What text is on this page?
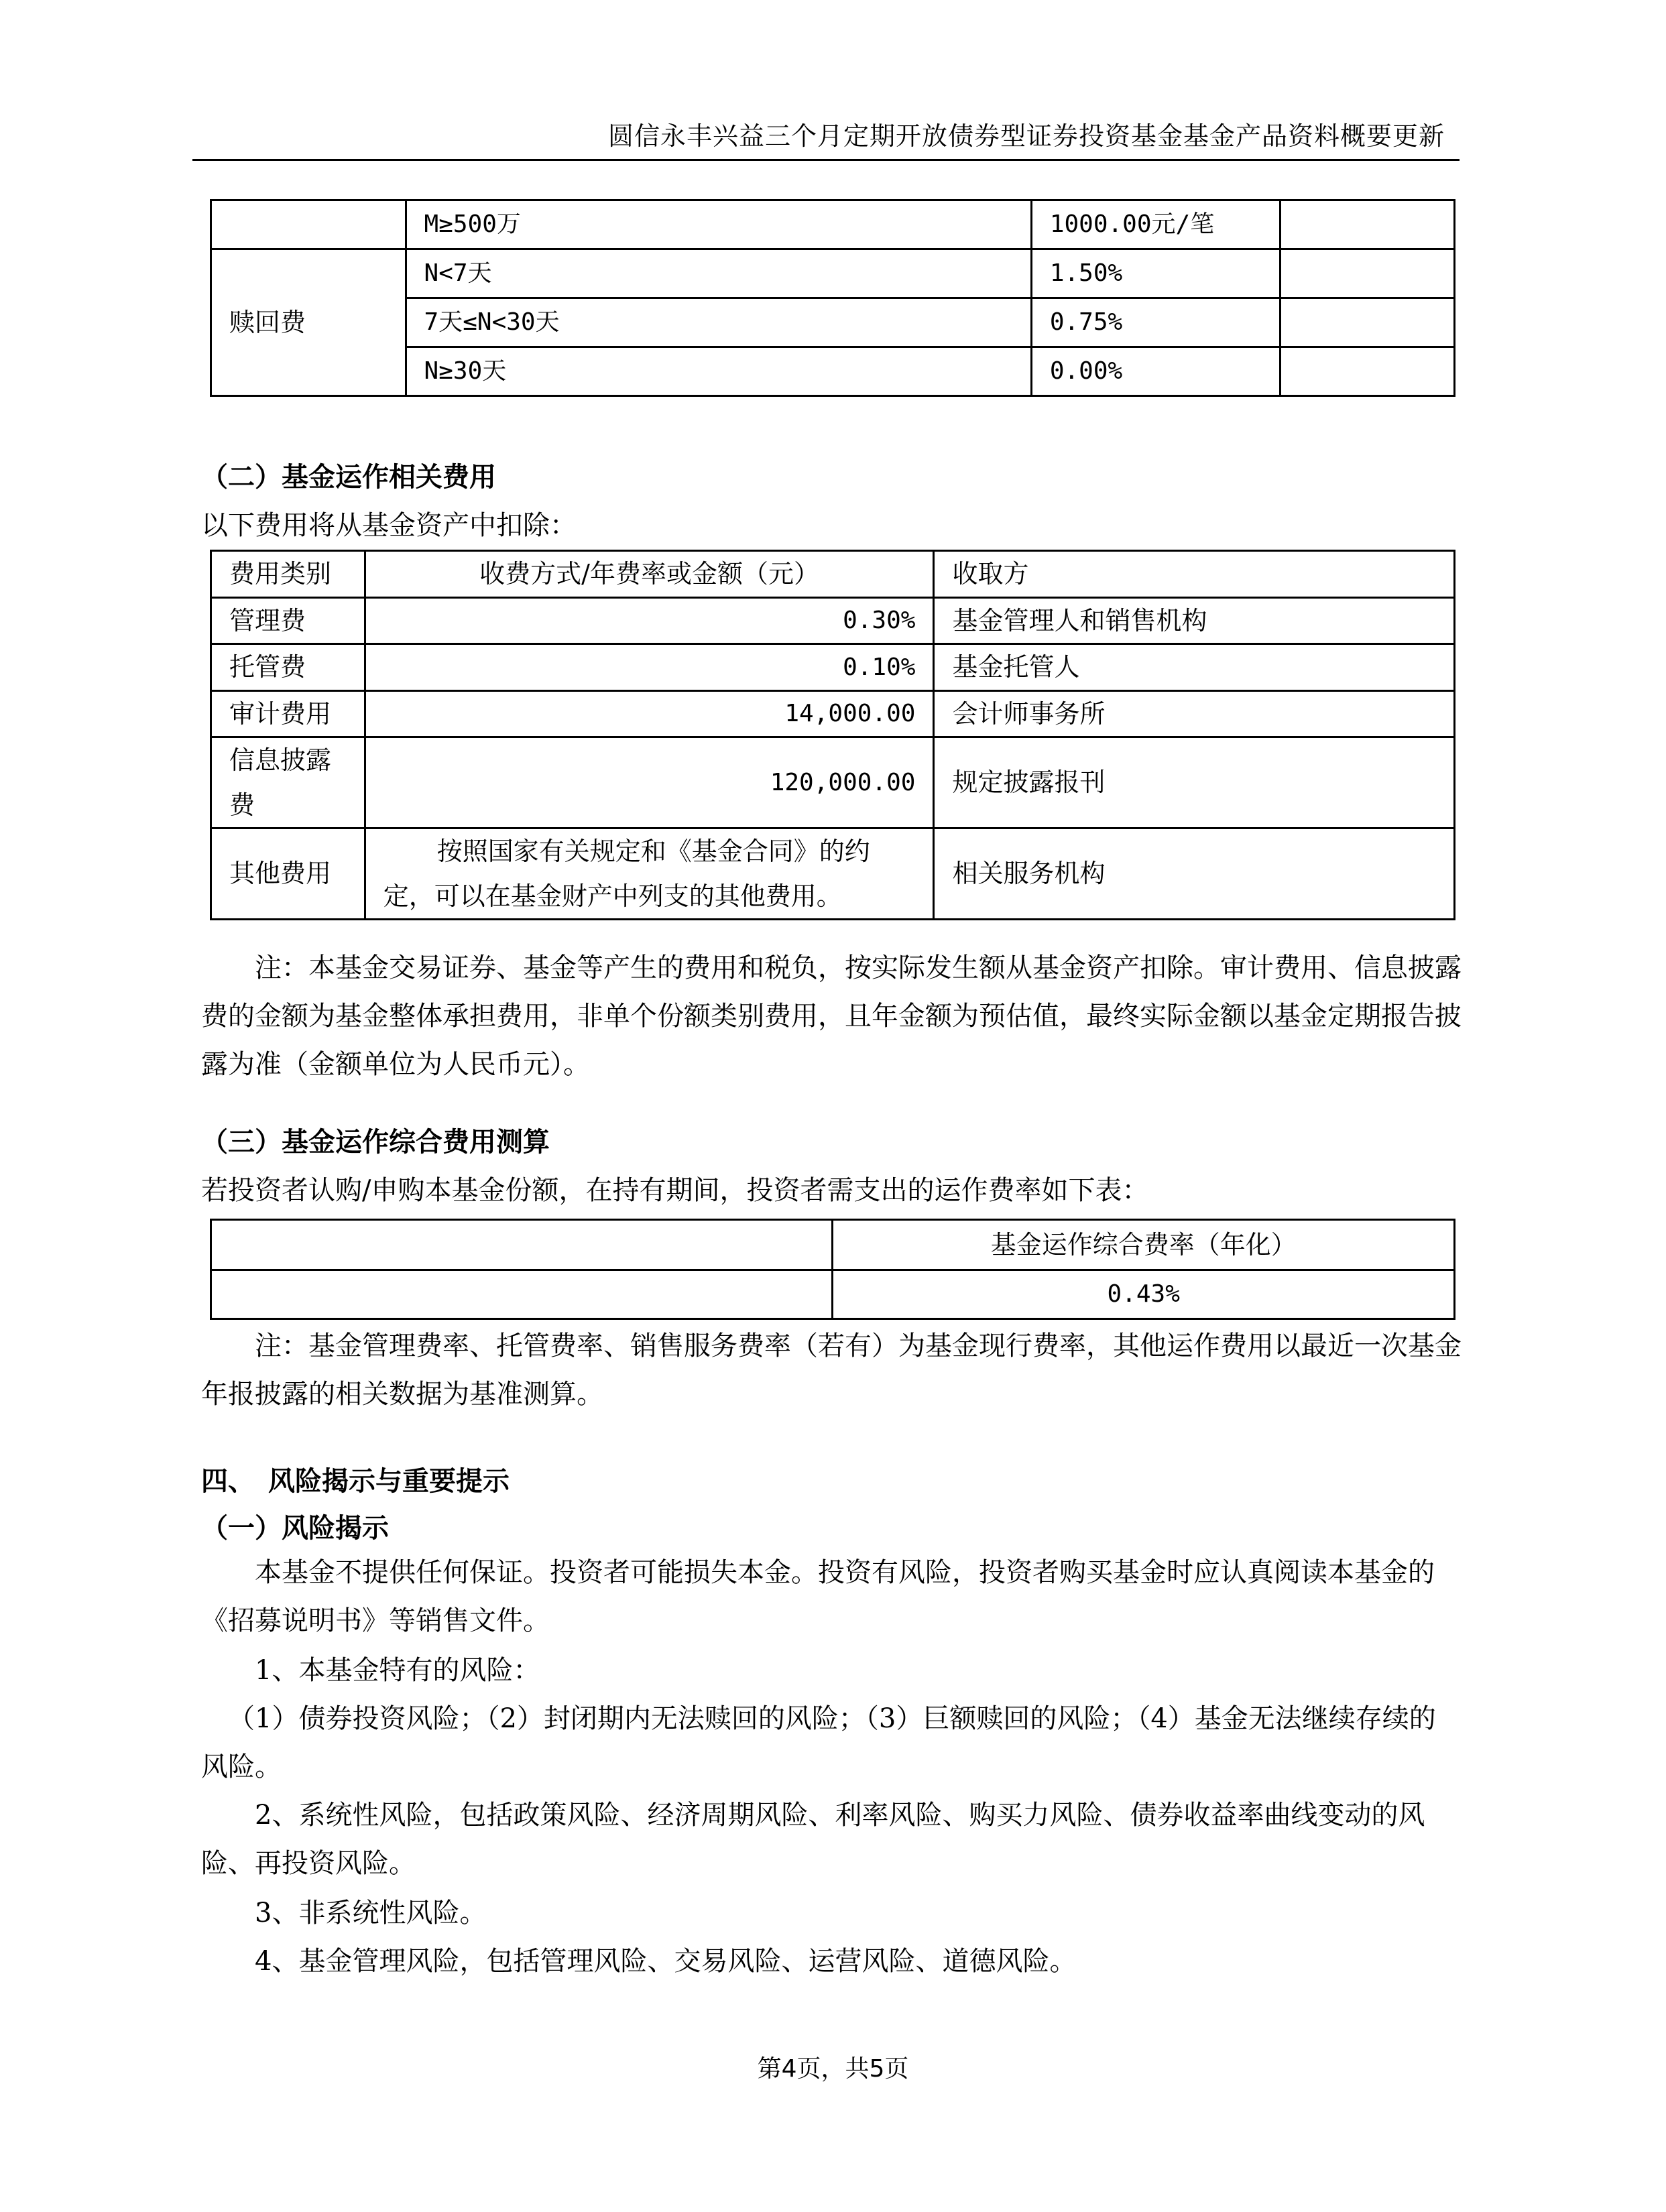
圆信永丰兴益三个月定期开放债券型证券投资基金基金产品资料概要更新
	M≥500万	1000.00元/笔	
赎回费	N<7天	1.50%	
	7天≤N<30天	0.75%	
	N≥30天	0.00%	
（二）基金运作相关费用
以下费用将从基金资产中扣除：
费用类别	收费方式/年费率或金额（元）	收取方
管理费	0.30%	基金管理人和销售机构
托管费	0.10%	基金托管人
审计费用	14,000.00	会计师事务所
信息披露费	120,000.00	规定披露报刊
其他费用	按照国家有关规定和《基金合同》的约定，可以在基金财产中列支的其他费用。	相关服务机构
注：本基金交易证券、基金等产生的费用和税负，按实际发生额从基金资产扣除。审计费用、信息披露费的金额为基金整体承担费用，非单个份额类别费用，且年金额为预估值，最终实际金额以基金定期报告披露为准（金额单位为人民币元）。
（三）基金运作综合费用测算
若投资者认购/申购本基金份额，在持有期间，投资者需支出的运作费率如下表：
	基金运作综合费率（年化）
	0.43%
注：基金管理费率、托管费率、销售服务费率（若有）为基金现行费率，其他运作费用以最近一次基金年报披露的相关数据为基准测算。
四、　风险揭示与重要提示
（一）风险揭示
本基金不提供任何保证。投资者可能损失本金。投资有风险，投资者购买基金时应认真阅读本基金的《招募说明书》等销售文件。
1、本基金特有的风险：
（1）债券投资风险；（2）封闭期内无法赎回的风险；（3）巨额赎回的风险；（4）基金无法继续存续的风险。
2、系统性风险，包括政策风险、经济周期风险、利率风险、购买力风险、债券收益率曲线变动的风险、再投资风险。
3、非系统性风险。
4、基金管理风险，包括管理风险、交易风险、运营风险、道德风险。
第4页，共5页
